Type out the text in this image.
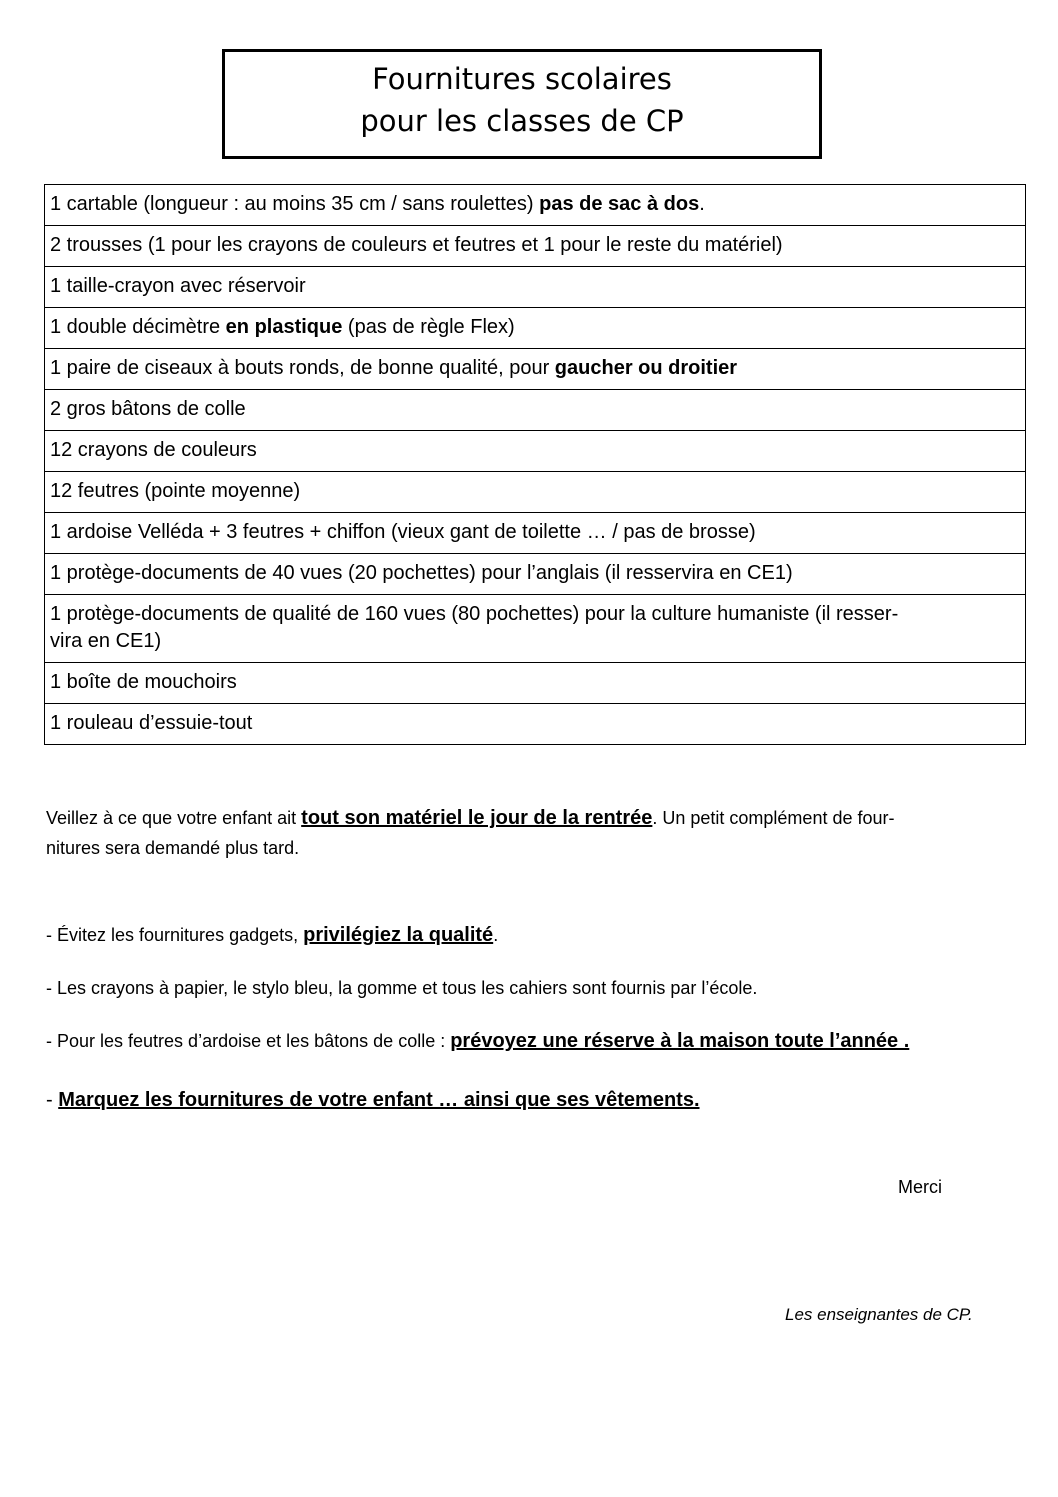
Fournitures scolaires
pour les classes de CP
1 cartable (longueur : au moins 35 cm / sans roulettes) pas de sac à dos.
2 trousses (1 pour les crayons de couleurs et feutres et 1 pour le reste du matériel)
1 taille-crayon avec réservoir
1 double décimètre en plastique (pas de règle Flex)
1 paire de ciseaux à bouts ronds, de bonne qualité, pour gaucher ou droitier
2 gros bâtons de colle
12 crayons de couleurs
12 feutres (pointe moyenne)
1 ardoise Velléda + 3 feutres + chiffon (vieux gant de toilette … / pas de brosse)
1 protège-documents de 40 vues (20 pochettes) pour l’anglais (il resservira en CE1)
1 protège-documents de qualité de 160 vues (80 pochettes) pour la culture humaniste (il resser-
vira en CE1)
1 boîte de mouchoirs
1 rouleau d’essuie-tout
Veillez à ce que votre enfant ait tout son matériel le jour de la rentrée. Un petit complément de four-
nitures sera demandé plus tard.
- Évitez les fournitures gadgets, privilégiez la qualité.
- Les crayons à papier, le stylo bleu, la gomme et tous les cahiers sont fournis par l’école.
- Pour les feutres d’ardoise et les bâtons de colle : prévoyez une réserve à la maison toute l’année .
- Marquez les fournitures de votre enfant … ainsi que ses vêtements.
Merci
Les enseignantes de CP.
